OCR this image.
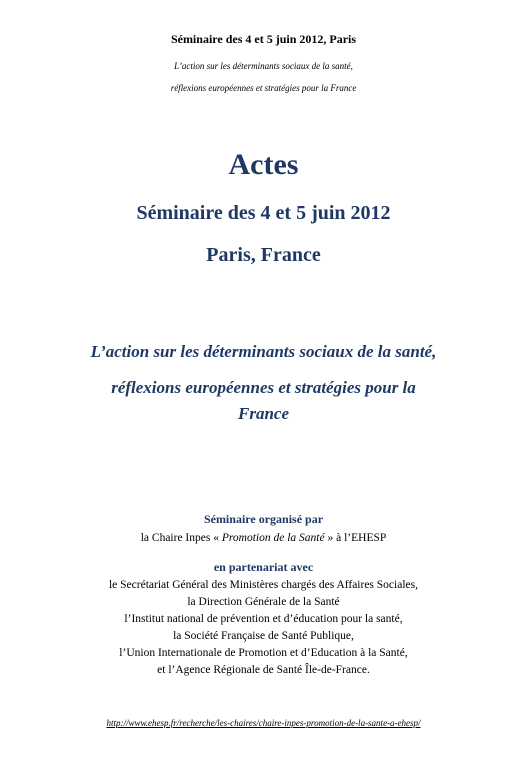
Séminaire des 4 et 5 juin 2012, Paris
L’action sur les déterminants sociaux de la santé,
réflexions européennes et stratégies pour la France
Actes
Séminaire des 4 et 5 juin 2012
Paris, France
L’action sur les déterminants sociaux de la santé,
réflexions européennes et stratégies pour la
France
Séminaire organisé par
la Chaire Inpes « Promotion de la Santé » à l’EHESP
en partenariat avec
le Secrétariat Général des Ministères chargés des Affaires Sociales,
la Direction Générale de la Santé
l’Institut national de prévention et d’éducation pour la santé,
la Société Française de Santé Publique,
l’Union Internationale de Promotion et d’Education à la Santé,
et l’Agence Régionale de Santé Île-de-France.
http://www.ehesp.fr/recherche/les-chaires/chaire-inpes-promotion-de-la-sante-a-ehesp/
